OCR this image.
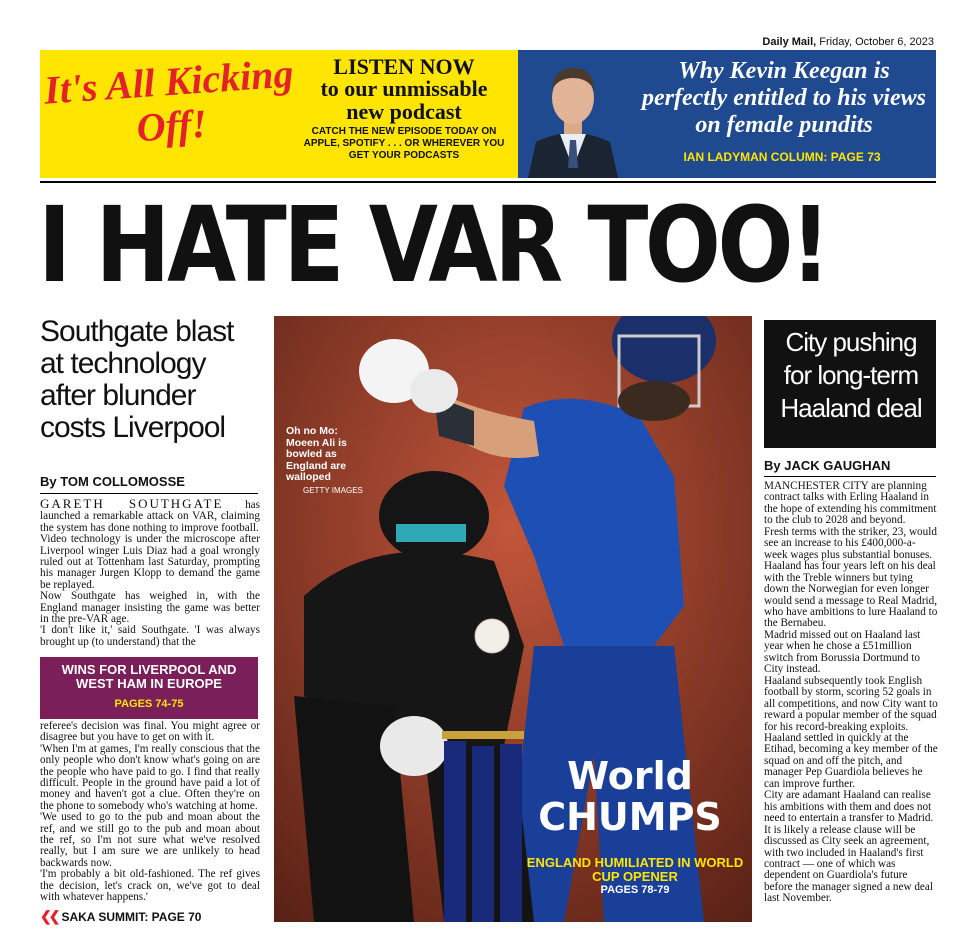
Daily Mail, Friday, October 6, 2023
It's All Kicking Off!
LISTEN NOW
to our unmissable
new podcast
CATCH THE NEW EPISODE TODAY ON APPLE, SPOTIFY . . . OR WHEREVER YOU GET YOUR PODCASTS
Why Kevin Keegan is perfectly entitled to his views on female pundits
IAN LADYMAN COLUMN: PAGE 73
I HATE VAR TOO!
Southgate blast at technology after blunder costs Liverpool
By TOM COLLOMOSSE

GARETH SOUTHGATE has launched a remarkable attack on VAR, claiming the system has done nothing to improve football.

Video technology is under the microscope after Liverpool winger Luis Diaz had a goal wrongly ruled out at Tottenham last Saturday, prompting his manager Jurgen Klopp to demand the game be replayed.

Now Southgate has weighed in, with the England manager insisting the game was better in the pre-VAR age.

'I don't like it,' said Southgate. 'I was always brought up (to understand) that the

WINS FOR LIVERPOOL AND WEST HAM IN EUROPE
PAGES 74-75

referee's decision was final. You might agree or disagree but you have to get on with it.

'When I'm at games, I'm really conscious that the only people who don't know what's going on are the people who have paid to go. I find that really difficult. People in the ground have paid a lot of money and haven't got a clue. Often they're on the phone to somebody who's watching at home.

'We used to go to the pub and moan about the ref, and we still go to the pub and moan about the ref, so I'm not sure what we've resolved really, but I am sure we are unlikely to head backwards now.

'I'm probably a bit old-fashioned. The ref gives the decision, let's crack on, we've got to deal with whatever happens.'

❮❮ SAKA SUMMIT: PAGE 70
Oh no Mo: Moeen Ali is bowled as England are walloped
GETTY IMAGES
World
CHUMPS
ENGLAND HUMILIATED IN WORLD CUP OPENER
PAGES 78-79
City pushing for long-term Haaland deal
By JACK GAUGHAN

MANCHESTER CITY are planning contract talks with Erling Haaland in the hope of extending his commitment to the club to 2028 and beyond.

Fresh terms with the striker, 23, would see an increase to his £400,000-a-week wages plus substantial bonuses.

Haaland has four years left on his deal with the Treble winners but tying down the Norwegian for even longer would send a message to Real Madrid, who have ambitions to lure Haaland to the Bernabeu.

Madrid missed out on Haaland last year when he chose a £51million switch from Borussia Dortmund to City instead.

Haaland subsequently took English football by storm, scoring 52 goals in all competitions, and now City want to reward a popular member of the squad for his record-breaking exploits.

Haaland settled in quickly at the Etihad, becoming a key member of the squad on and off the pitch, and manager Pep Guardiola believes he can improve further.

City are adamant Haaland can realise his ambitions with them and does not need to entertain a transfer to Madrid.

It is likely a release clause will be discussed as City seek an agreement, with two included in Haaland's first contract — one of which was dependent on Guardiola's future before the manager signed a new deal last November.
